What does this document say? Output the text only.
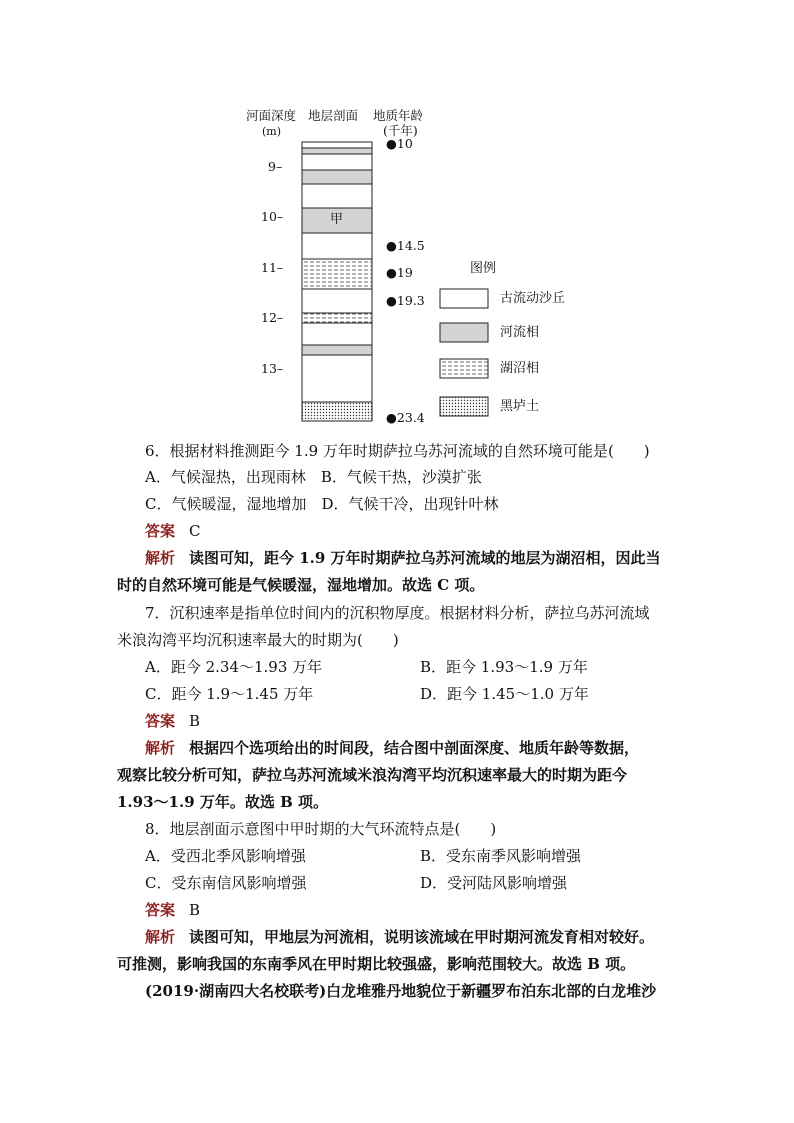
河面深度 地层剖面 地质年龄
(m)	(千年)
9–
10–
11–
12–
13–
甲
●10
●14.5
●19
●19.3
●23.4
图例
古流动沙丘
河流相
湖沼相
黑垆土
6．根据材料推测距今 1.9 万年时期萨拉乌苏河流域的自然环境可能是(　　)
A．气候湿热，出现雨林　B．气候干热，沙漠扩张
C．气候暖湿，湿地增加　D．气候干冷，出现针叶林
答案 C
解析 读图可知，距今 1.9 万年时期萨拉乌苏河流域的地层为湖沼相，因此当
时的自然环境可能是气候暖湿，湿地增加。故选 C 项。
7．沉积速率是指单位时间内的沉积物厚度。根据材料分析，萨拉乌苏河流域
米浪沟湾平均沉积速率最大的时期为(　　)
A．距今 2.34～1.93 万年	B．距今 1.93～1.9 万年
C．距今 1.9～1.45 万年	D．距今 1.45～1.0 万年
答案 B
解析 根据四个选项给出的时间段，结合图中剖面深度、地质年龄等数据，
观察比较分析可知，萨拉乌苏河流域米浪沟湾平均沉积速率最大的时期为距今
1.93～1.9 万年。故选 B 项。
8．地层剖面示意图中甲时期的大气环流特点是(　　)
A．受西北季风影响增强	B．受东南季风影响增强
C．受东南信风影响增强	D．受河陆风影响增强
答案 B
解析 读图可知，甲地层为河流相，说明该流域在甲时期河流发育相对较好。
可推测，影响我国的东南季风在甲时期比较强盛，影响范围较大。故选 B 项。
(2019·湖南四大名校联考)白龙堆雅丹地貌位于新疆罗布泊东北部的白龙堆沙
